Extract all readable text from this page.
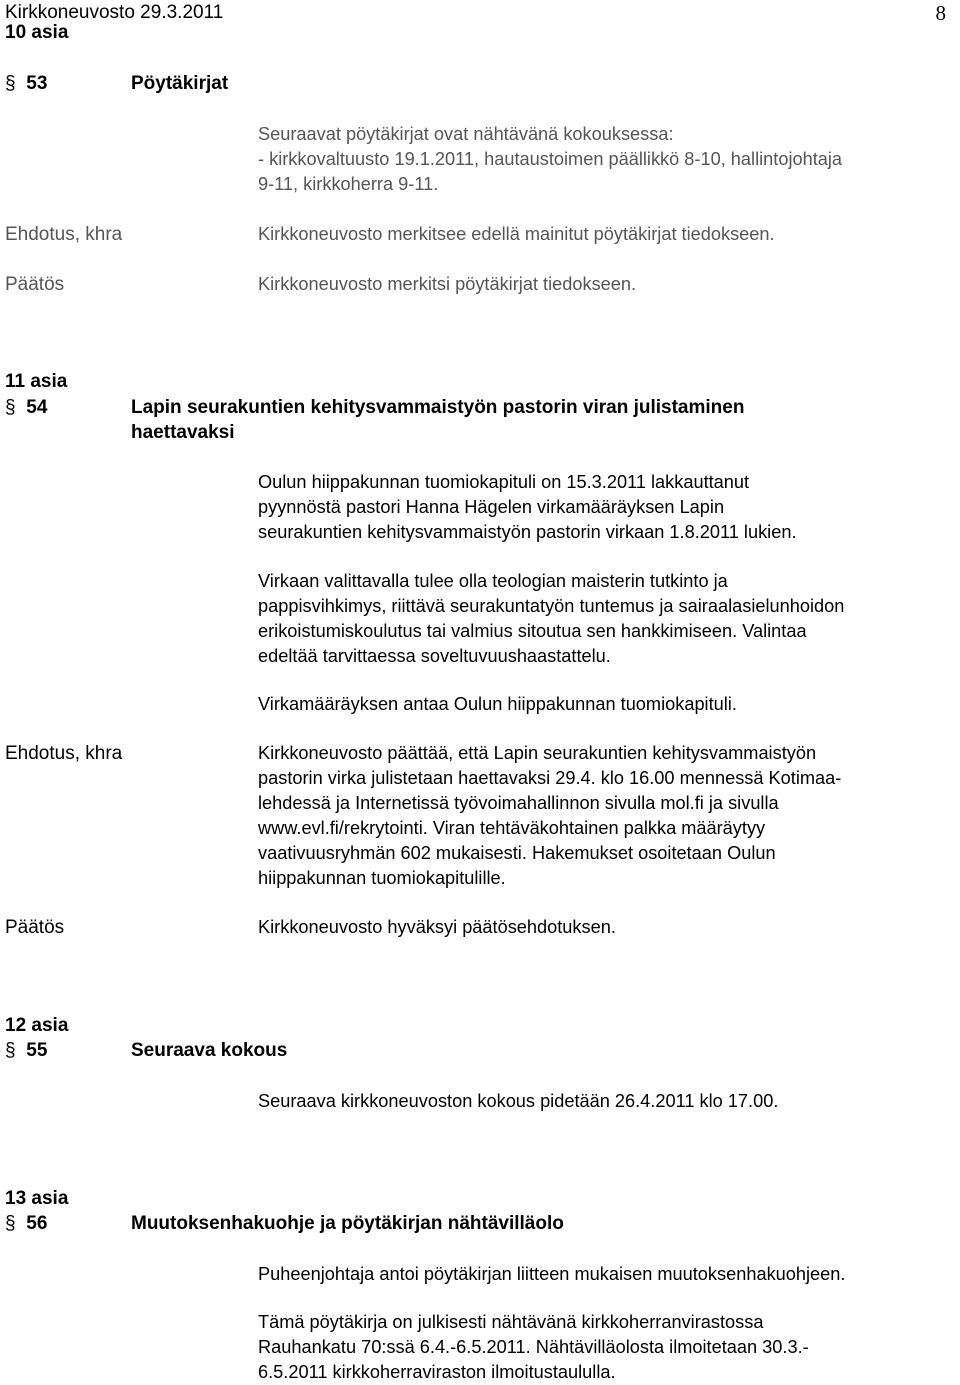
Kirkkoneuvosto 29.3.2011	8
10 asia
§ 53	Pöytäkirjat
Seuraavat pöytäkirjat ovat nähtävänä kokouksessa:
- kirkkovaltuusto 19.1.2011, hautaustoimen päällikkö 8-10, hallintojohtaja
9-11, kirkkoherra 9-11.
Ehdotus, khra	Kirkkoneuvosto merkitsee edellä mainitut pöytäkirjat tiedokseen.
Päätös	Kirkkoneuvosto merkitsi pöytäkirjat tiedokseen.
11 asia
§ 54	Lapin seurakuntien kehitysvammaistyön pastorin viran julistaminen
haettavaksi
Oulun hiippakunnan tuomiokapituli on 15.3.2011 lakkauttanut
pyynnöstä pastori Hanna Hägelen virkamääräyksen Lapin
seurakuntien kehitysvammaistyön pastorin virkaan 1.8.2011 lukien.
Virkaan valittavalla tulee olla teologian maisterin tutkinto ja
pappisvihkimys, riittävä seurakuntatyön tuntemus ja sairaalasielunhoidon
erikoistumiskoulutus tai valmius sitoutua sen hankkimiseen. Valintaa
edeltää tarvittaessa soveltuvuushaastattelu.
Virkamääräyksen antaa Oulun hiippakunnan tuomiokapituli.
Ehdotus, khra	Kirkkoneuvosto päättää, että Lapin seurakuntien kehitysvammaistyön
pastorin virka julistetaan haettavaksi 29.4. klo 16.00 mennessä Kotimaa-
lehdessä ja Internetissä työvoimahallinnon sivulla mol.fi ja sivulla
www.evl.fi/rekrytointi. Viran tehtäväkohtainen palkka määräytyy
vaativuusryhmän 602 mukaisesti. Hakemukset osoitetaan Oulun
hiippakunnan tuomiokapitulille.
Päätös	Kirkkoneuvosto hyväksyi päätösehdotuksen.
12 asia
§ 55	Seuraava kokous
Seuraava kirkkoneuvoston kokous pidetään 26.4.2011 klo 17.00.
13 asia
§ 56	Muutoksenhakuohje ja pöytäkirjan nähtävilläolo
Puheenjohtaja antoi pöytäkirjan liitteen mukaisen muutoksenhakuohjeen.
Tämä pöytäkirja on julkisesti nähtävänä kirkkoherranvirastossa
Rauhankatu 70:ssä 6.4.-6.5.2011. Nähtävilläolosta ilmoitetaan 30.3.-
6.5.2011 kirkkoherraviraston ilmoitustaululla.
